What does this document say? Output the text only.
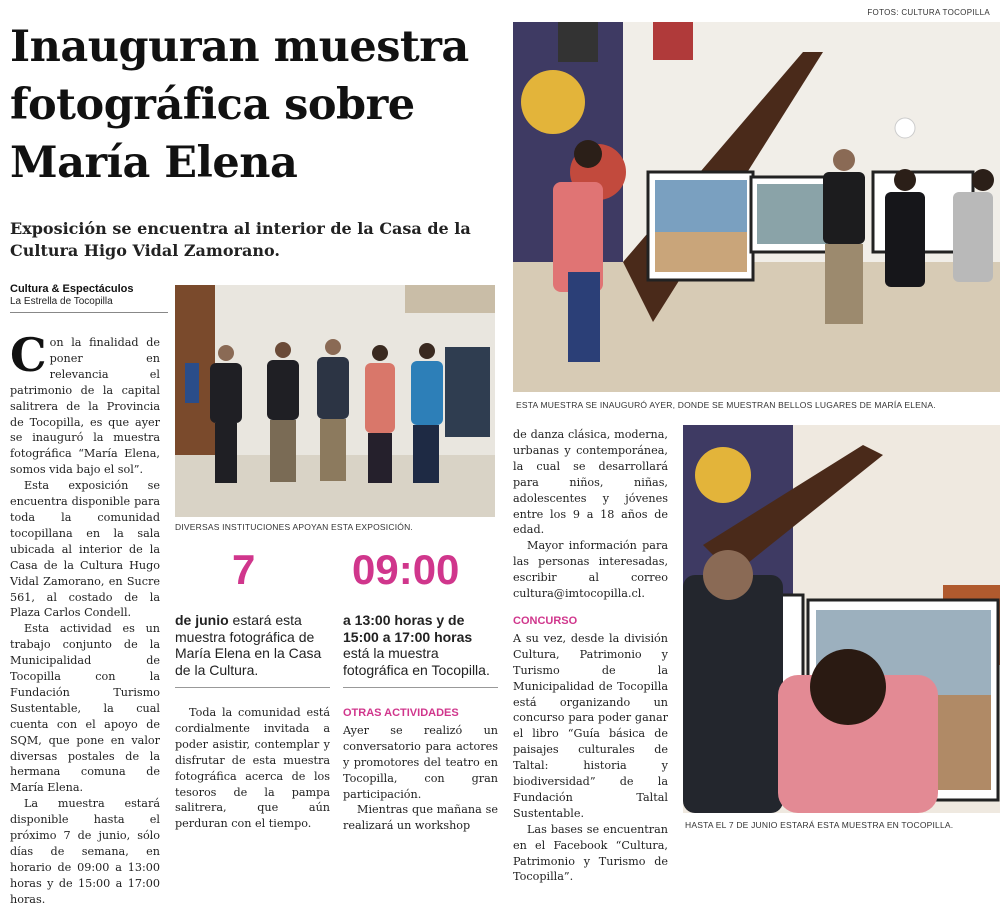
FOTOS: CULTURA TOCOPILLA
Inauguran muestra fotográfica sobre María Elena
Exposición se encuentra al interior de la Casa de la Cultura Higo Vidal Zamorano.
Cultura & Espectáculos
La Estrella de Tocopilla
C on la finalidad de poner en relevancia el patrimonio de la capital salitrera de la Provincia de Tocopilla, es que ayer se inauguró la muestra fotográfica “María Elena, somos vida bajo el sol”.

Esta exposición se encuentra disponible para toda la comunidad tocopillana en la sala ubicada al interior de la Casa de la Cultura Hugo Vidal Zamorano, en Sucre 561, al costado de la Plaza Carlos Condell.

Esta actividad es un trabajo conjunto de la Municipalidad de Tocopilla con la Fundación Turismo Sustentable, la cual cuenta con el apoyo de SQM, que pone en valor diversas postales de la hermana comuna de María Elena.

La muestra estará disponible hasta el próximo 7 de junio, sólo días de semana, en horario de 09:00 a 13:00 horas y de 15:00 a 17:00 horas.

DIVERSAS INSTITUCIONES APOYAN ESTA EXPOSICIÓN.
7 09:00
de junio estará esta muestra fotográfica de María Elena en la Casa de la Cultura.
a 13:00 horas y de 15:00 a 17:00 horas está la muestra fotográfica en Tocopilla.

Toda la comunidad está cordialmente invitada a poder asistir, contemplar y disfrutar de esta muestra fotográfica acerca de los tesoros de la pampa salitrera, que aún perduran con el tiempo.

OTRAS ACTIVIDADES

Ayer se realizó un conversatorio para actores y promotores del teatro en Tocopilla, con gran participación.

Mientras que mañana se realizará un workshop

ESTA MUESTRA SE INAUGURÓ AYER, DONDE SE MUESTRAN BELLOS LUGARES DE MARÍA ELENA.

de danza clásica, moderna, urbanas y contemporánea, la cual se desarrollará para niños, niñas, adolescentes y jóvenes entre los 9 a 18 años de edad.

Mayor información para las personas interesadas, escribir al correo cultura@imtocopilla.cl.

CONCURSO

A su vez, desde la división Cultura, Patrimonio y Turismo de la Municipalidad de Tocopilla está organizando un concurso para poder ganar el libro “Guía básica de paisajes culturales de Taltal: historia y biodiversidad” de la Fundación Taltal Sustentable.

Las bases se encuentran en el Facebook “Cultura, Patrimonio y Turismo de Tocopilla”.

HASTA EL 7 DE JUNIO ESTARÁ ESTA MUESTRA EN TOCOPILLA.
